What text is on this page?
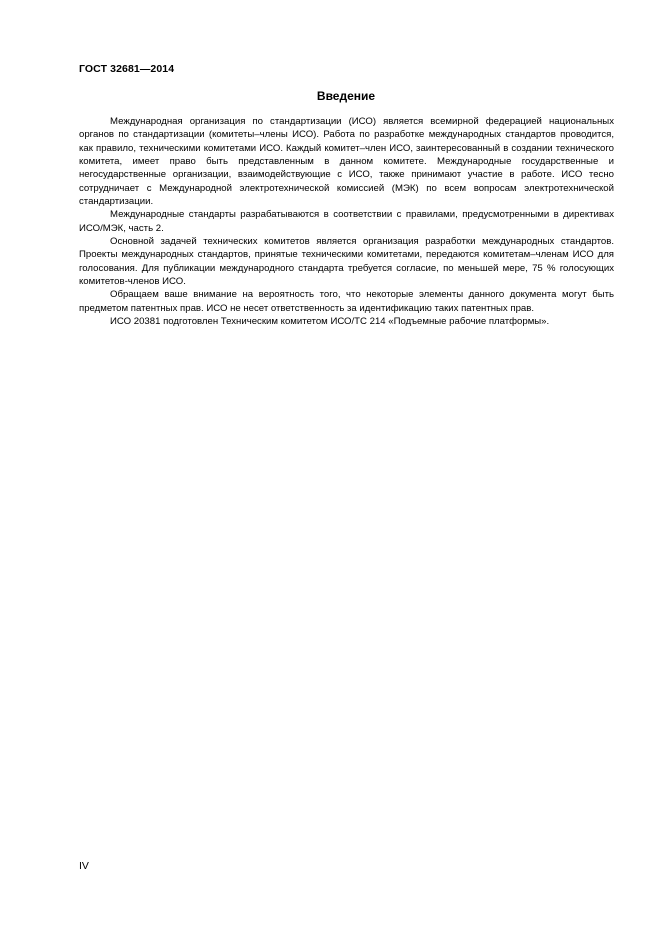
ГОСТ 32681—2014
Введение

Международная организация по стандартизации (ИСО) является всемирной федерацией национальных органов по стандартизации (комитеты–члены ИСО). Работа по разработке международных стандартов проводится, как правило, техническими комитетами ИСО. Каждый комитет–член ИСО, заинтересованный в создании технического комитета, имеет право быть представленным в данном комитете. Международные государственные и негосударственные организации, взаимодействующие с ИСО, также принимают участие в работе. ИСО тесно сотрудничает с Международной электротехнической комиссией (МЭК) по всем вопросам электротехнической стандартизации.

Международные стандарты разрабатываются в соответствии с правилами, предусмотренными в директивах ИСО/МЭК, часть 2.

Основной задачей технических комитетов является организация разработки международных стандартов. Проекты международных стандартов, принятые техническими комитетами, передаются комитетам–членам ИСО для голосования. Для публикации международного стандарта требуется согласие, по меньшей мере, 75 % голосующих комитетов-членов ИСО.

Обращаем ваше внимание на вероятность того, что некоторые элементы данного документа могут быть предметом патентных прав. ИСО не несет ответственность за идентификацию таких патентных прав.

ИСО 20381 подготовлен Техническим комитетом ИСО/ТС 214 «Подъемные рабочие платформы».

IV
